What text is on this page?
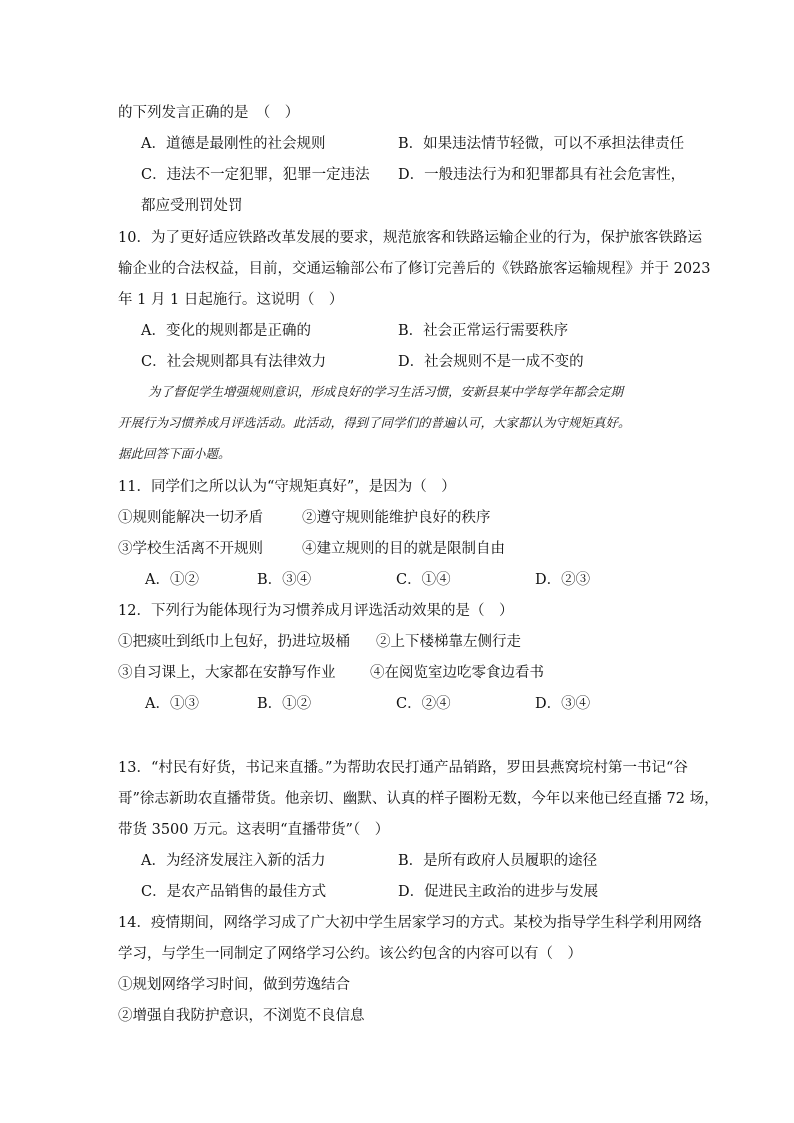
的下列发言正确的是　（　）
A．道德是最刚性的社会规则	B．如果违法情节轻微，可以不承担法律责任
C．违法不一定犯罪，犯罪一定违法 D．一般违法行为和犯罪都具有社会危害性，
都应受刑罚处罚
10．为了更好适应铁路改革发展的要求，规范旅客和铁路运输企业的行为，保护旅客铁路运
输企业的合法权益，目前，交通运输部公布了修订完善后的《铁路旅客运输规程》并于 2023
年 1 月 1 日起施行。这说明（　）
A．变化的规则都是正确的	B．社会正常运行需要秩序
C．社会规则都具有法律效力	D．社会规则不是一成不变的
为了督促学生增强规则意识，形成良好的学习生活习惯，安新县某中学每学年都会定期
开展行为习惯养成月评选活动。此活动，得到了同学们的普遍认可，大家都认为守规矩真好。
据此回答下面小题。
11．同学们之所以认为“守规矩真好”，是因为（　）
①规则能解决一切矛盾	②遵守规则能维护良好的秩序
③学校生活离不开规则	④建立规则的目的就是限制自由
A．①②	B．③④	C．①④	D．②③
12．下列行为能体现行为习惯养成月评选活动效果的是（　）
①把痰吐到纸巾上包好，扔进垃圾桶 ②上下楼梯靠左侧行走
③自习课上，大家都在安静写作业 ④在阅览室边吃零食边看书
A．①③	B．①②	C．②④	D．③④
13．“村民有好货，书记来直播。”为帮助农民打通产品销路，罗田县燕窝垸村第一书记“谷
哥”徐志新助农直播带货。他亲切、幽默、认真的样子圈粉无数，今年以来他已经直播 72 场，
带货 3500 万元。这表明“直播带货”（　）
A．为经济发展注入新的活力	B．是所有政府人员履职的途径
C．是农产品销售的最佳方式	D．促进民主政治的进步与发展
14．疫情期间，网络学习成了广大初中学生居家学习的方式。某校为指导学生科学利用网络
学习，与学生一同制定了网络学习公约。该公约包含的内容可以有（　）
①规划网络学习时间，做到劳逸结合
②增强自我防护意识，不浏览不良信息
